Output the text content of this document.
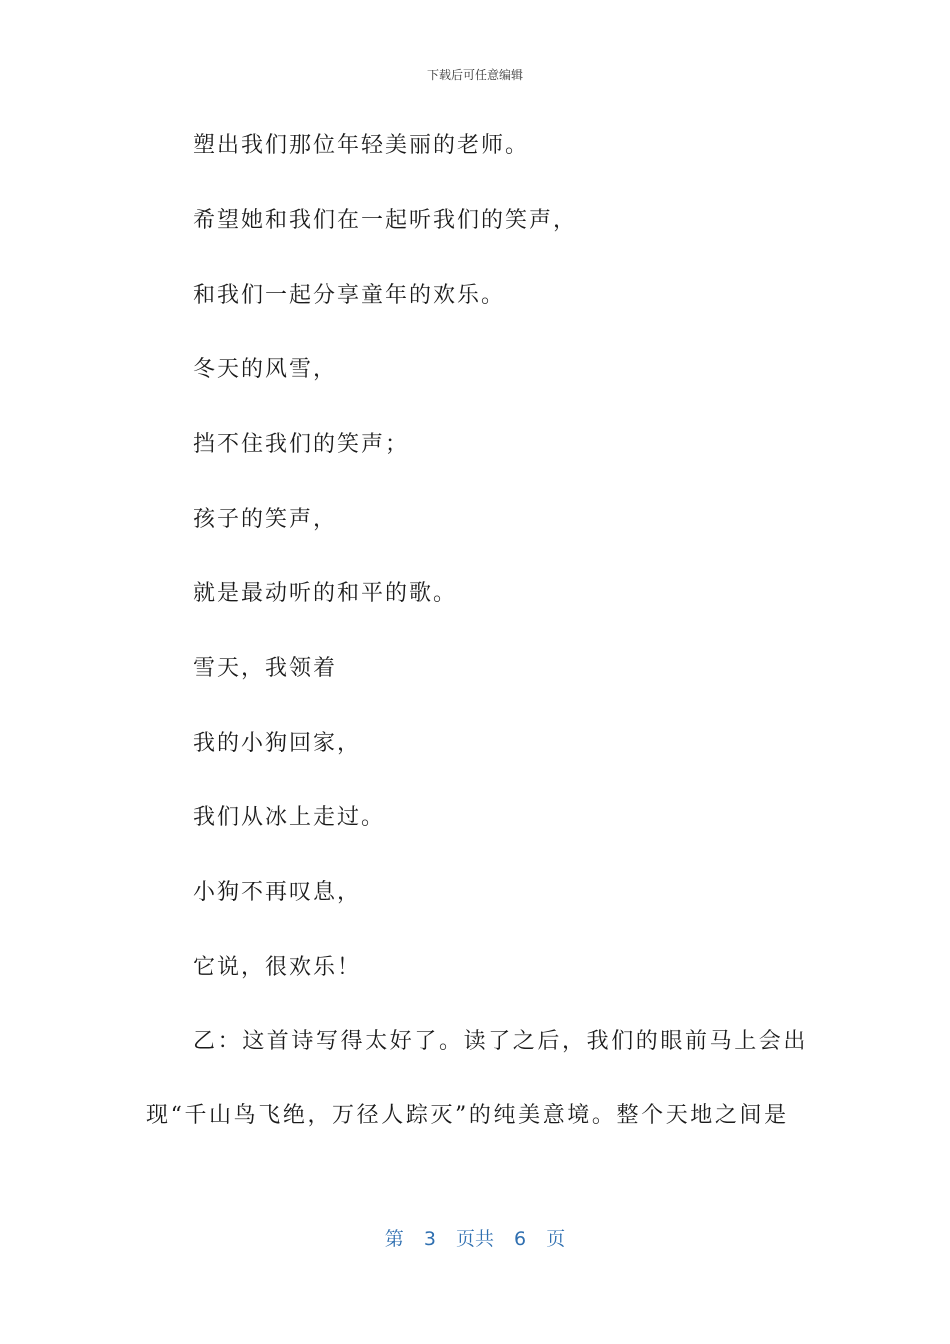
下载后可任意编辑
塑出我们那位年轻美丽的老师。
希望她和我们在一起听我们的笑声，
和我们一起分享童年的欢乐。
冬天的风雪，
挡不住我们的笑声；
孩子的笑声，
就是最动听的和平的歌。
雪天，我领着
我的小狗回家，
我们从冰上走过。
小狗不再叹息，
它说，很欢乐！
乙：这首诗写得太好了。读了之后，我们的眼前马上会出
现“千山鸟飞绝，万径人踪灭”的纯美意境。整个天地之间是
第 3 页共 6 页
